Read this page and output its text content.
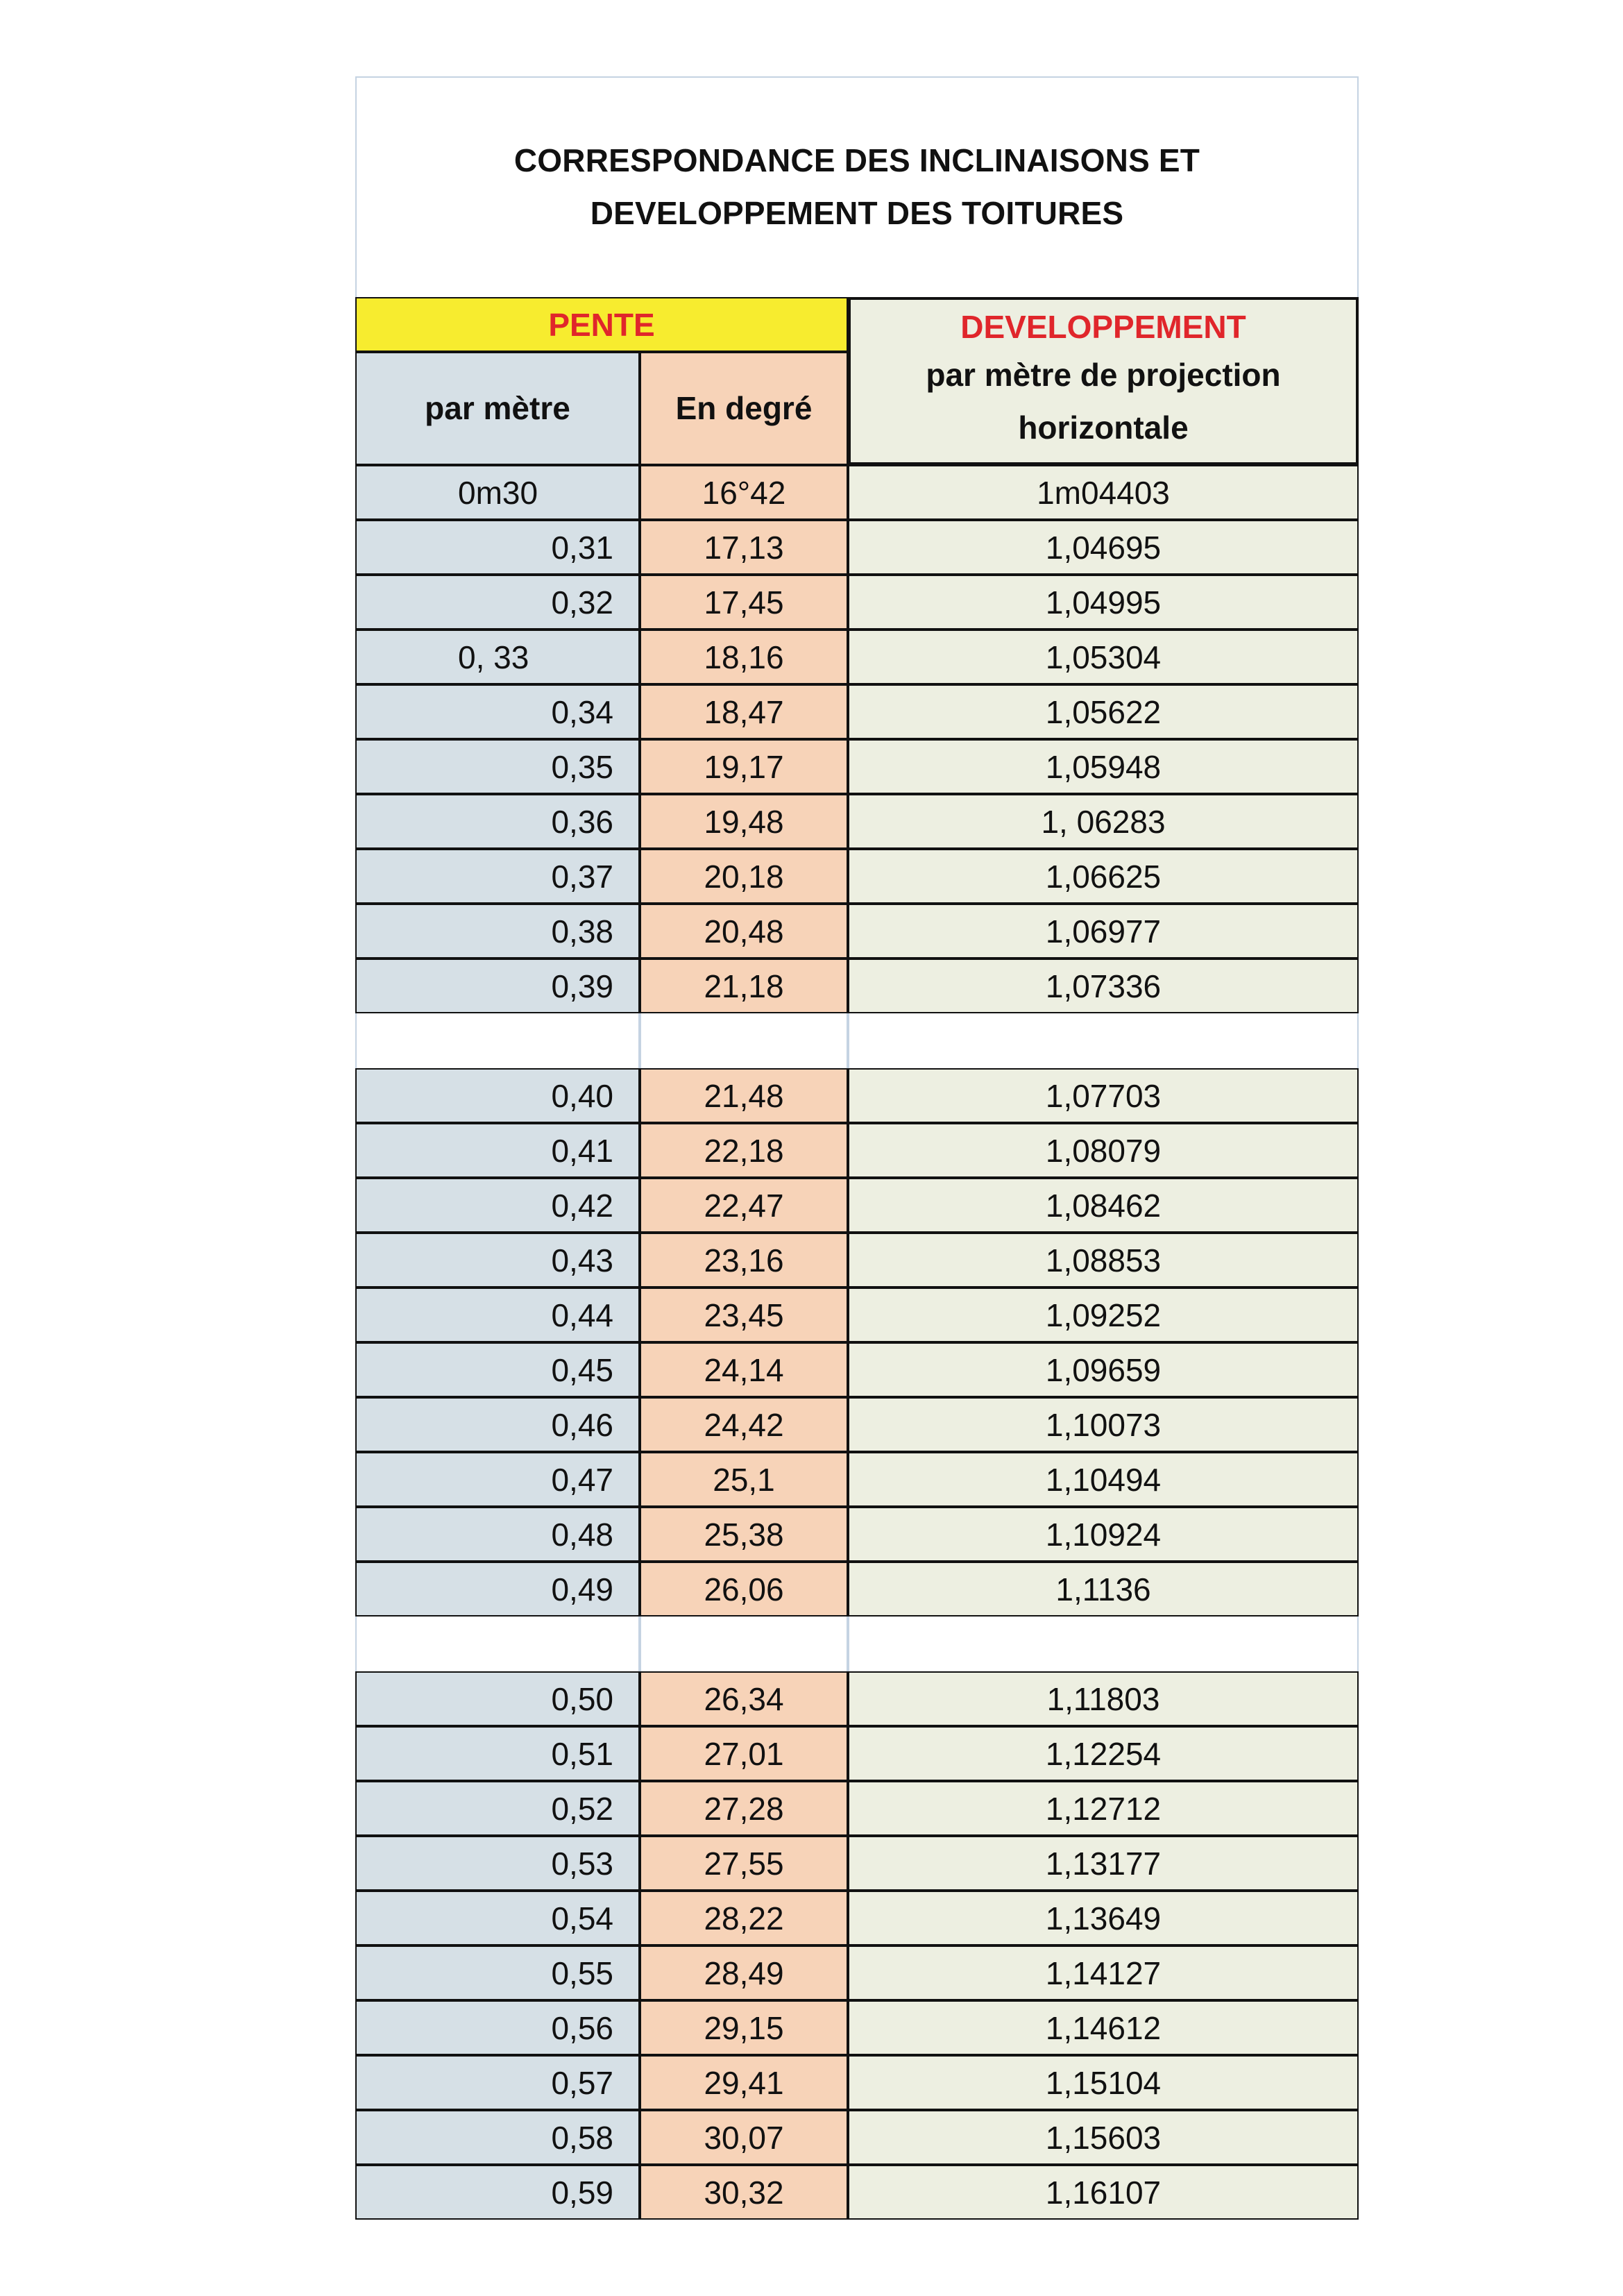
CORRESPONDANCE DES INCLINAISONS ET
DEVELOPPEMENT DES TOITURES
PENTE	DEVELOPPEMENT
par mètre de projection
horizontale
par mètre	En degré
0m30	16°42	1m04403
0,31	17,13	1,04695
0,32	17,45	1,04995
0, 33	18,16	1,05304
0,34	18,47	1,05622
0,35	19,17	1,05948
0,36	19,48	1, 06283
0,37	20,18	1,06625
0,38	20,48	1,06977
0,39	21,18	1,07336
0,40	21,48	1,07703
0,41	22,18	1,08079
0,42	22,47	1,08462
0,43	23,16	1,08853
0,44	23,45	1,09252
0,45	24,14	1,09659
0,46	24,42	1,10073
0,47	25,1	1,10494
0,48	25,38	1,10924
0,49	26,06	1,1136
0,50	26,34	1,11803
0,51	27,01	1,12254
0,52	27,28	1,12712
0,53	27,55	1,13177
0,54	28,22	1,13649
0,55	28,49	1,14127
0,56	29,15	1,14612
0,57	29,41	1,15104
0,58	30,07	1,15603
0,59	30,32	1,16107
